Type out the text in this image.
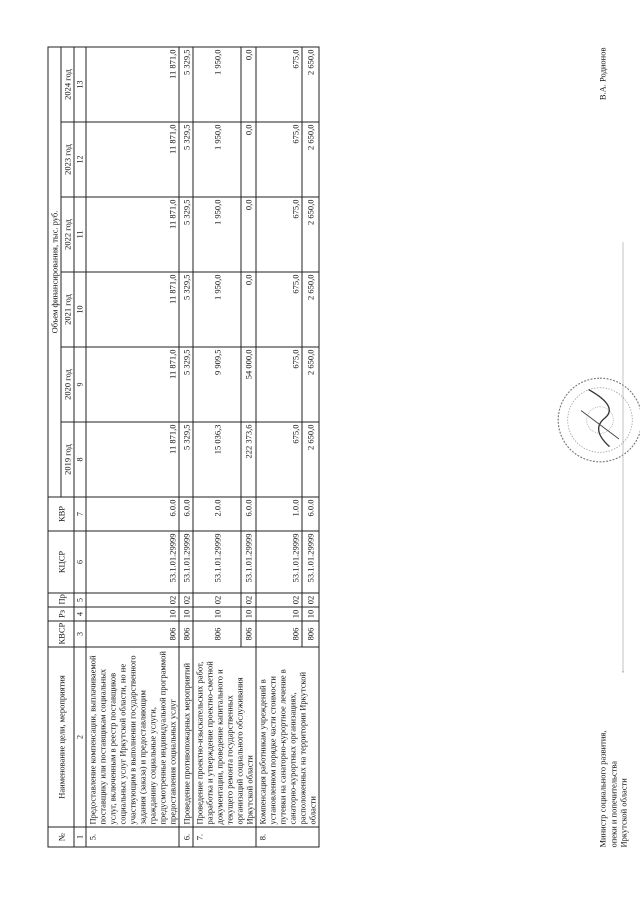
№	Наименование цели, мероприятия	КВСР	Рз	Пр	КЦСР	КВР	Объем финансирования, тыс. руб.					
							2019 год	2020 год	2021 год	2022 год	2023 год	2024 год
1	2	3	4	5	6	7	8	9	10	11	12	13
5.	Предоставление компенсации, выплачиваемой поставщику или поставщикам социальных услуг, включенным в реестр поставщиков социальных услуг Иркутской области, но не участвующим в выполнении государственного задания (заказа) и предоставляющим гражданину социальные услуги, предусмотренные индивидуальной программой предоставления социальных услуг	806	10	02	53.1.01.29999	6.0.0	11 871,0	11 871,0	11 871,0	11 871,0	11 871,0	11 871,0
6.	Проведение противопожарных мероприятий	806	10	02	53.1.01.29999	6.0.0	5 329,5	5 329,5	5 329,5	5 329,5	5 329,5	5 329,5
7.	Проведение проектно-изыскательских работ, разработка и утверждение проектно-сметной документации, проведение капитального и текущего ремонта государственных организаций социального обслуживания Иркутской области	806	10	02	53.1.01.29999	2.0.0	15 036,3	9 909,5	1 950,0	1 950,0	1 950,0	1 950,0
		806	10	02	53.1.01.29999	6.0.0	222 373,6	54 000,0	0,0	0,0	0,0	0,0
8.	Компенсация работникам учреждений в установленном порядке части стоимости путевки на санаторно-курортное лечение в санаторно-курортных организациях, расположенных на территории Иркутской области	806	10	02	53.1.01.29999	1.0.0	675,0	675,0	675,0	675,0	675,0	675,0
		806	10	02	53.1.01.29999	6.0.0	2 650,0	2 650,0	2 650,0	2 650,0	2 650,0	2 650,0
Министр социального развития, опеки и попечительства Иркутской области
В.А. Родионов
